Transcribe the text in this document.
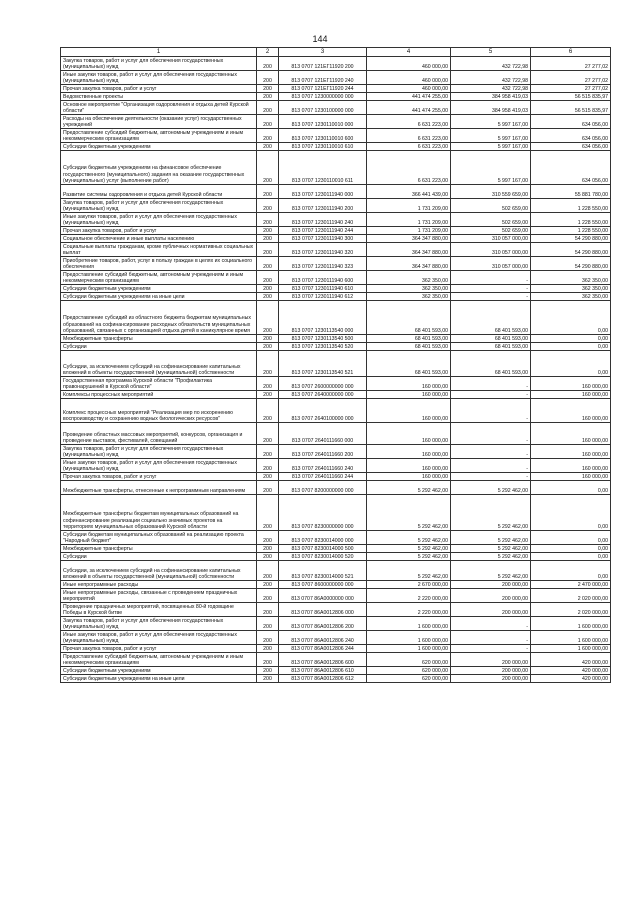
144
1	2	3	4	5	6
Закупка товаров, работ и услуг для обеспечения государственных (муниципальных) нужд	200	813 0707 121ЕГ11920 200	460 000,00	432 722,98	27 277,02
Иные закупки товаров, работ и услуг для обеспечения государственных (муниципальных) нужд	200	813 0707 121ЕГ11920 240	460 000,00	432 722,98	27 277,02
Прочая закупка товаров, работ и услуг	200	813 0707 121ЕГ11920 244	460 000,00	432 722,98	27 277,02
Ведомственные проекты	200	813 0707 1230000000 000	441 474 255,00	384 958 419,03	56 515 835,97
Основное мероприятие "Организация оздоровления и отдыха детей Курской области"	200	813 0707 1230100000 000	441 474 255,00	384 958 419,03	56 515 835,97
Расходы на обеспечение деятельности (оказание услуг) государственных учреждений	200	813 0707 1230110010 000	6 631 223,00	5 997 167,00	634 056,00
Предоставление субсидий бюджетным, автономным учреждениям и иным некоммерческим организациям	200	813 0707 1230110010 600	6 631 223,00	5 997 167,00	634 056,00
Субсидии бюджетным учреждениям	200	813 0707 1230110010 610	6 631 223,00	5 997 167,00	634 056,00
Субсидии бюджетным учреждениям на финансовое обеспечение государственного (муниципального) задания на оказание государственных (муниципальных) услуг (выполнение работ)	200	813 0707 1230110010 611	6 631 223,00	5 997 167,00	634 056,00
Развитие системы оздоровления и отдыха детей Курской области	200	813 0707 1230111940 000	366 441 439,00	310 559 659,00	55 881 780,00
Закупка товаров, работ и услуг для обеспечения государственных (муниципальных) нужд	200	813 0707 1230111940 200	1 731 209,00	502 659,00	1 228 550,00
Иные закупки товаров, работ и услуг для обеспечения государственных (муниципальных) нужд	200	813 0707 1230111940 240	1 731 209,00	502 659,00	1 228 550,00
Прочая закупка товаров, работ и услуг	200	813 0707 1230111940 244	1 731 209,00	502 659,00	1 228 550,00
Социальное обеспечение и иные выплаты населению	200	813 0707 1230111940 300	364 347 880,00	310 057 000,00	54 290 880,00
Социальные выплаты гражданам, кроме публичных нормативных социальных выплат	200	813 0707 1230111940 320	364 347 880,00	310 057 000,00	54 290 880,00
Приобретение товаров, работ, услуг в пользу граждан в целях их социального обеспечения	200	813 0707 1230111940 323	364 347 880,00	310 057 000,00	54 290 880,00
Предоставление субсидий бюджетным, автономным учреждениям и иным некоммерческим организациям	200	813 0707 1230111940 600	362 350,00	-	362 350,00
Субсидии бюджетным учреждениям	200	813 0707 1230111940 610	362 350,00	-	362 350,00
Субсидии бюджетным учреждениям на иные цели	200	813 0707 1230111940 612	362 350,00	-	362 350,00
Предоставление субсидий из областного бюджета бюджетам муниципальных образований на софинансирование расходных обязательств муниципальных образований, связанных с организацией отдыха детей в каникулярное время	200	813 0707 1230113540 000	68 401 593,00	68 401 593,00	0,00
Межбюджетные трансферты	200	813 0707 1230113540 500	68 401 593,00	68 401 593,00	0,00
Субсидии	200	813 0707 1230113540 520	68 401 593,00	68 401 593,00	0,00
Субсидии, за исключением субсидий на софинансирование капитальных вложений в объекты государственной (муниципальной) собственности	200	813 0707 1230113540 521	68 401 593,00	68 401 593,00	0,00
Государственная программа Курской области "Профилактика правонарушений в Курской области"	200	813 0707 2600000000 000	160 000,00	-	160 000,00
Комплексы процессных мероприятий	200	813 0707 2640000000 000	160 000,00	-	160 000,00
Комплекс процессных мероприятий "Реализация мер по искоренению воспроизводству и сохранению водных биологических ресурсов"	200	813 0707 2640100000 000	160 000,00	-	160 000,00
Проведение областных массовых мероприятий, конкурсов, организация и проведение выставок, фестивалей, совещаний	200	813 0707 2640111660 000	160 000,00	-	160 000,00
Закупка товаров, работ и услуг для обеспечения государственных (муниципальных) нужд	200	813 0707 2640111660 200	160 000,00	-	160 000,00
Иные закупки товаров, работ и услуг для обеспечения государственных (муниципальных) нужд	200	813 0707 2640111660 240	160 000,00	-	160 000,00
Прочая закупка товаров, работ и услуг	200	813 0707 2640111660 244	160 000,00	-	160 000,00
Межбюджетные трансферты, отнесенные к непрограммным направлениям	200	813 0707 8200000000 000	5 292 462,00	5 292 462,00	0,00
Межбюджетные трансферты бюджетам муниципальных образований на софинансирование реализации социально значимых проектов на территориях муниципальных образований Курской области	200	813 0707 8230000000 000	5 292 462,00	5 292 462,00	0,00
Субсидии бюджетам муниципальных образований на реализацию проекта "Народный бюджет"	200	813 0707 8230014000 000	5 292 462,00	5 292 462,00	0,00
Межбюджетные трансферты	200	813 0707 8230014000 500	5 292 462,00	5 292 462,00	0,00
Субсидии	200	813 0707 8230014000 520	5 292 462,00	5 292 462,00	0,00
Субсидии, за исключением субсидий на софинансирование капитальных вложений в объекты государственной (муниципальной) собственности	200	813 0707 8230014000 521	5 292 462,00	5 292 462,00	0,00
Иные непрограммные расходы	200	813 0707 8600000000 000	2 670 000,00	200 000,00	2 470 000,00
Иные непрограммные расходы, связанные с проведением праздничных мероприятий	200	813 0707 86А0000000 000	2 220 000,00	200 000,00	2 020 000,00
Проведение праздничных мероприятий, посвященных 80-й годовщине Победы в Курской битве	200	813 0707 86А0012806 000	2 220 000,00	200 000,00	2 020 000,00
Закупка товаров, работ и услуг для обеспечения государственных (муниципальных) нужд	200	813 0707 86А0012806 200	1 600 000,00	-	1 600 000,00
Иные закупки товаров, работ и услуг для обеспечения государственных (муниципальных) нужд	200	813 0707 86А0012806 240	1 600 000,00	-	1 600 000,00
Прочая закупка товаров, работ и услуг	200	813 0707 86А0012806 244	1 600 000,00	-	1 600 000,00
Предоставление субсидий бюджетным, автономным учреждениям и иным некоммерческим организациям	200	813 0707 86А0012806 600	620 000,00	200 000,00	420 000,00
Субсидии бюджетным учреждениям	200	813 0707 86А0012806 610	620 000,00	200 000,00	420 000,00
Субсидии бюджетным учреждениям на иные цели	200	813 0707 86А0012806 612	620 000,00	200 000,00	420 000,00
